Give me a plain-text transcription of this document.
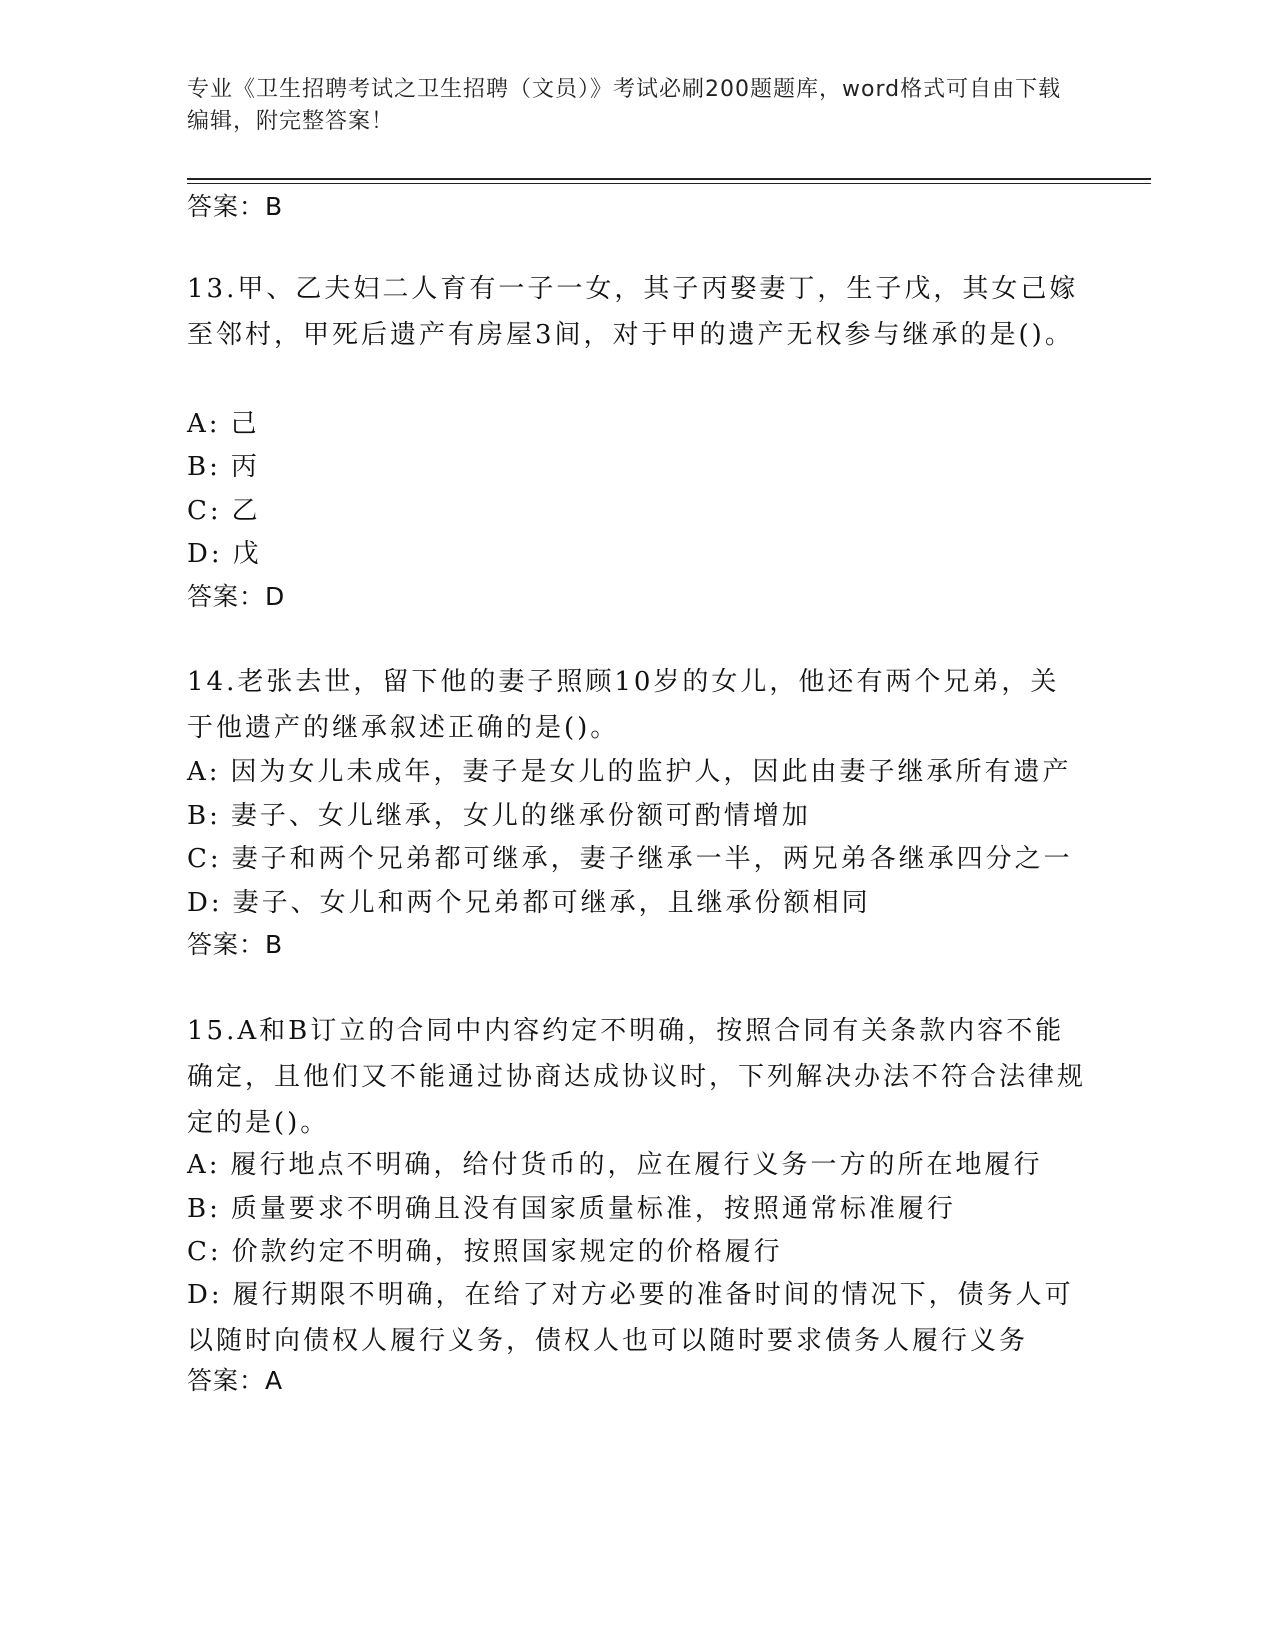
专业《卫生招聘考试之卫生招聘（文员）》考试必刷200题题库，word格式可自由下载编辑，附完整答案！
答案：B
13.甲、乙夫妇二人育有一子一女，其子丙娶妻丁，生子戊，其女己嫁至邻村，甲死后遗产有房屋3间，对于甲的遗产无权参与继承的是()。
A: 己
B: 丙
C: 乙
D: 戊
答案：D
14.老张去世，留下他的妻子照顾10岁的女儿，他还有两个兄弟，关于他遗产的继承叙述正确的是()。
A: 因为女儿未成年，妻子是女儿的监护人，因此由妻子继承所有遗产
B: 妻子、女儿继承，女儿的继承份额可酌情增加
C: 妻子和两个兄弟都可继承，妻子继承一半，两兄弟各继承四分之一
D: 妻子、女儿和两个兄弟都可继承，且继承份额相同
答案：B
15.A和B订立的合同中内容约定不明确，按照合同有关条款内容不能确定，且他们又不能通过协商达成协议时，下列解决办法不符合法律规定的是()。
A: 履行地点不明确，给付货币的，应在履行义务一方的所在地履行
B: 质量要求不明确且没有国家质量标准，按照通常标准履行
C: 价款约定不明确，按照国家规定的价格履行
D: 履行期限不明确，在给了对方必要的准备时间的情况下，债务人可以随时向债权人履行义务，债权人也可以随时要求债务人履行义务
答案：A
